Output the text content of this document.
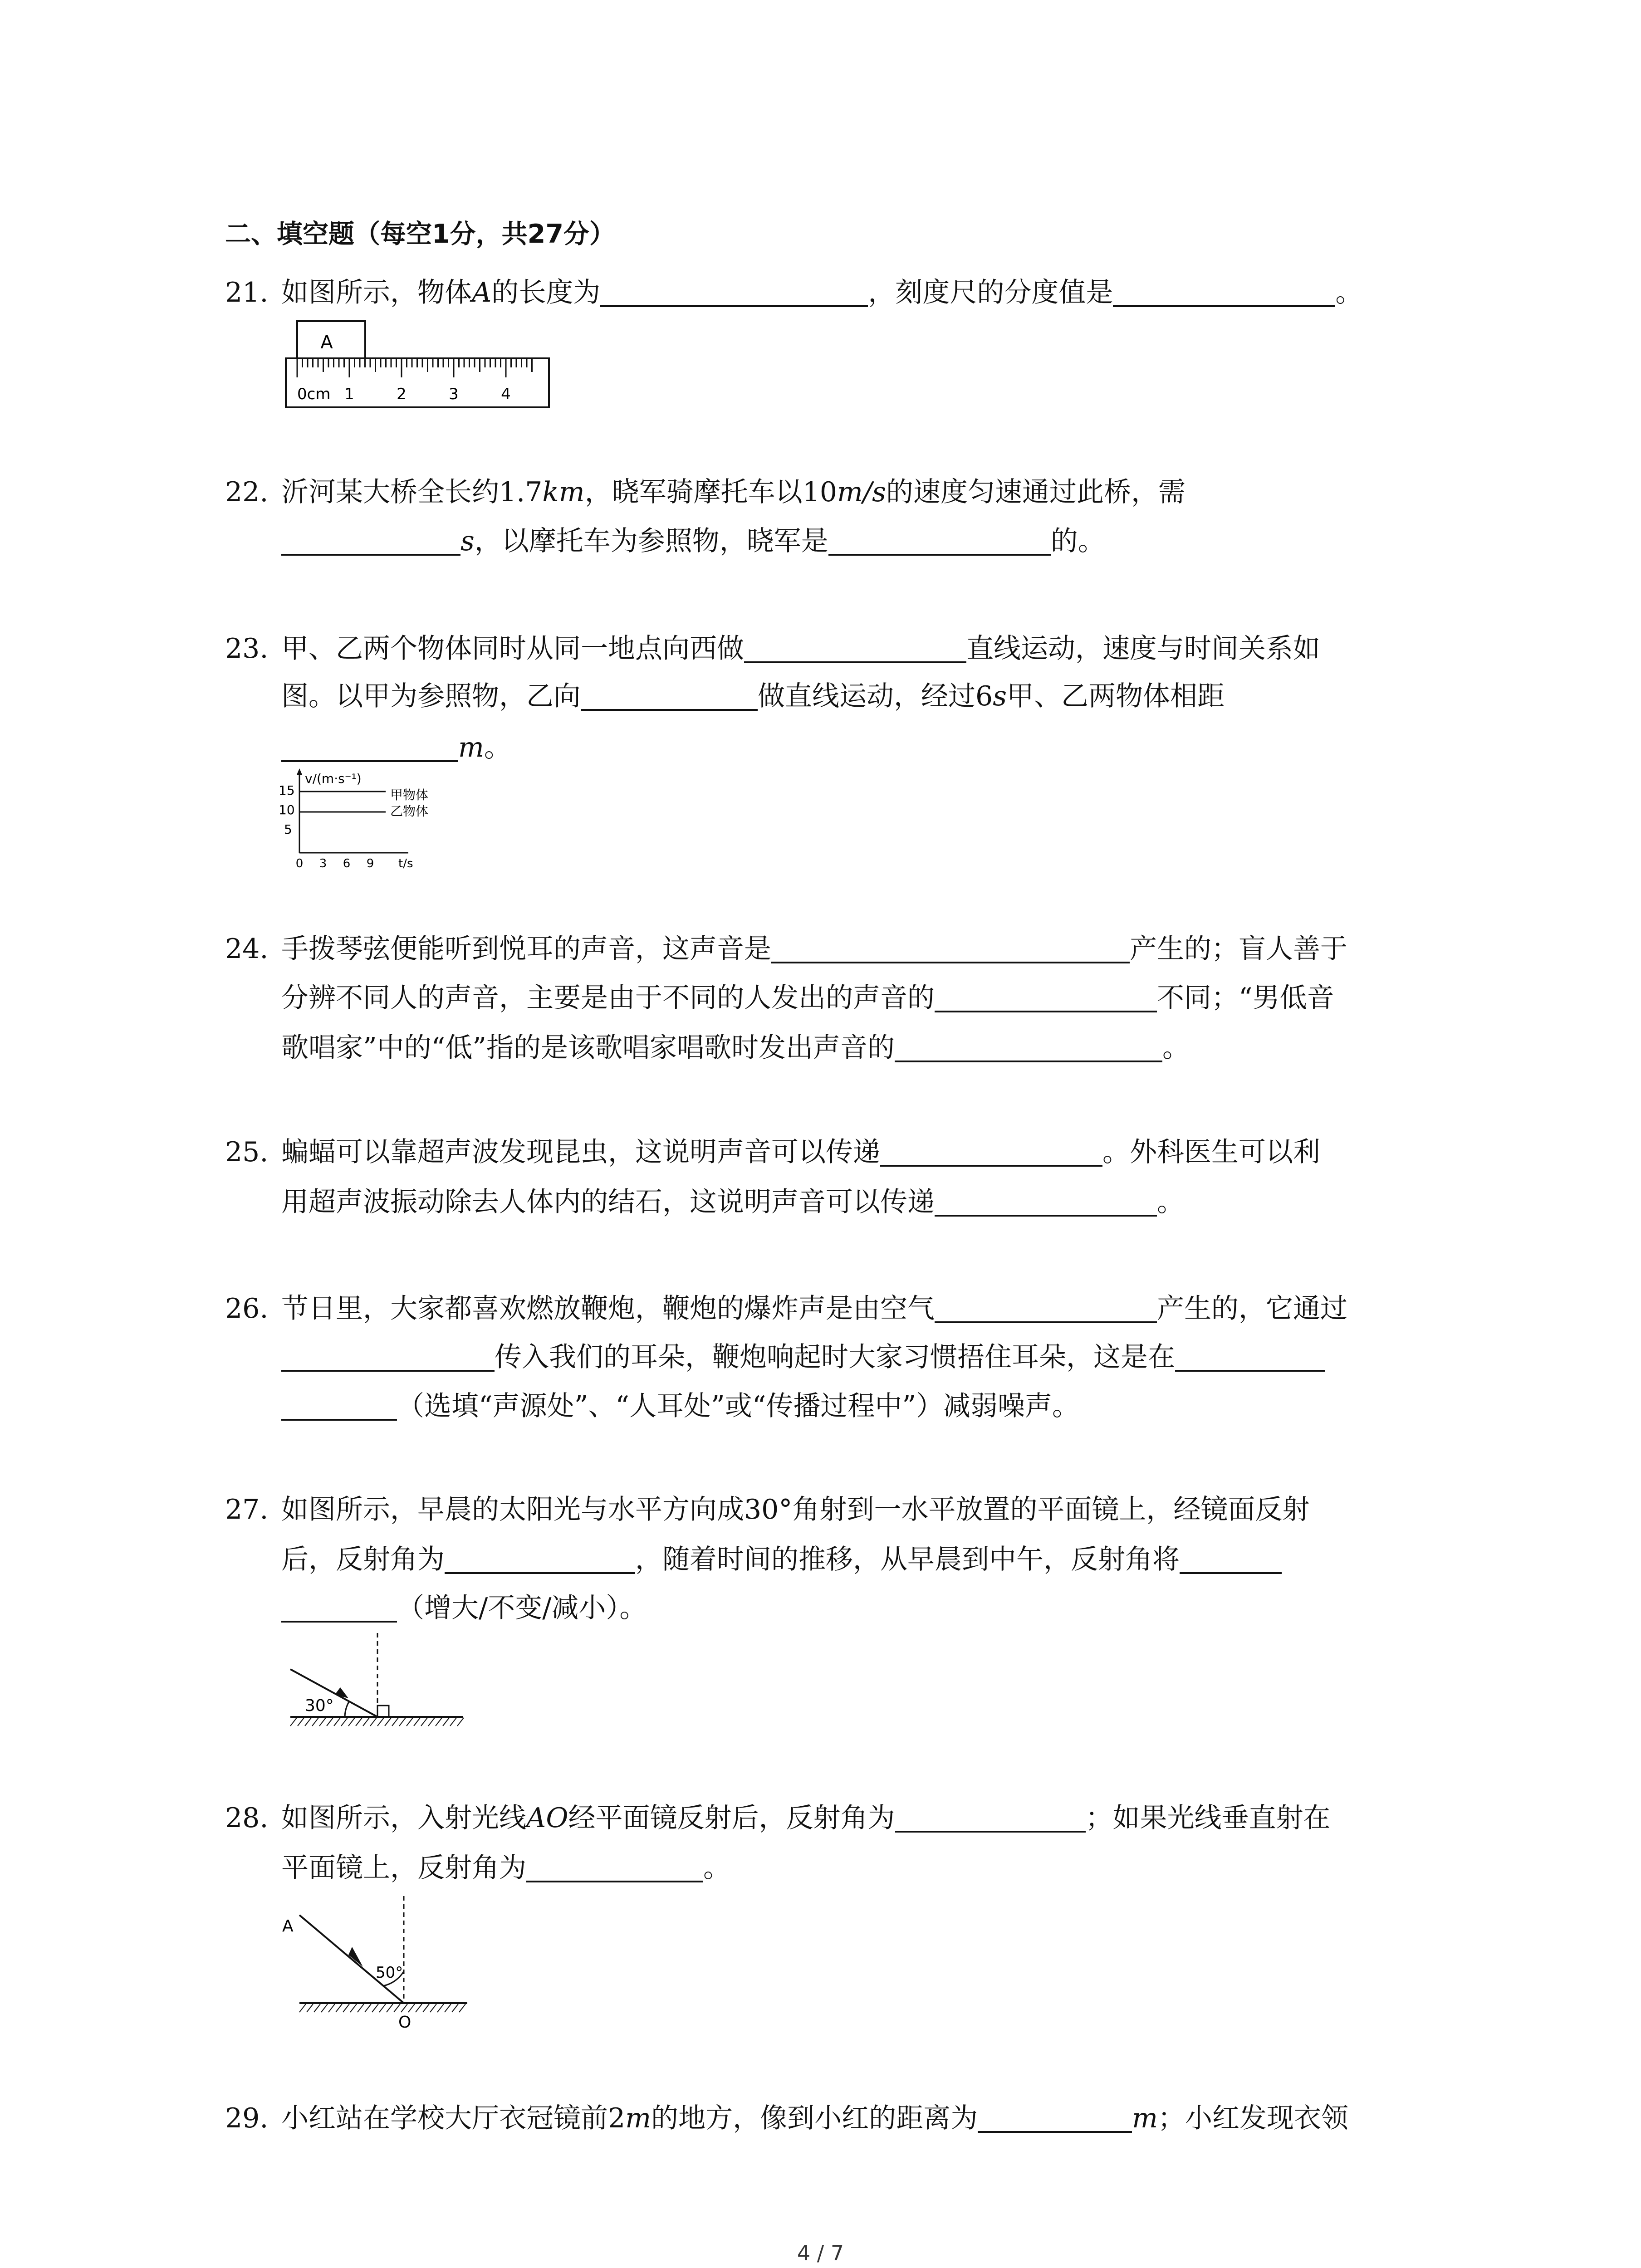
二、填空题（每空1分，共27分）
21. 如图所示，物体A的长度为	，刻度尺的分度值是	。
A
0cm 1	2	3	4
22. 沂河某大桥全长约1.7km，晓军骑摩托车以10m/s的速度匀速通过此桥，需
s，以摩托车为参照物，晓军是	的。
23. 甲、乙两个物体同时从同一地点向西做	直线运动，速度与时间关系如
图。以甲为参照物，乙向	做直线运动，经过6s甲、乙两物体相距
m。
v/(m·s⁻¹)
t/s
15
10
5
0 3 6 9
甲物体
乙物体
24. 手拨琴弦便能听到悦耳的声音，这声音是	产生的；盲人善于
分辨不同人的声音，主要是由于不同的人发出的声音的	不同；“男低音
歌唱家”中的“低”指的是该歌唱家唱歌时发出声音的	。
25. 蝙蝠可以靠超声波发现昆虫，这说明声音可以传递	。外科医生可以利
用超声波振动除去人体内的结石，这说明声音可以传递	。
26. 节日里，大家都喜欢燃放鞭炮，鞭炮的爆炸声是由空气	产生的，它通过
传入我们的耳朵，鞭炮响起时大家习惯捂住耳朵，这是在
（选填“声源处”、“人耳处”或“传播过程中”）减弱噪声。
27. 如图所示，早晨的太阳光与水平方向成30°角射到一水平放置的平面镜上，经镜面反射
后，反射角为	，随着时间的推移，从早晨到中午，反射角将
（增大/不变/减小）。
30°
28. 如图所示，入射光线AO经平面镜反射后，反射角为	；如果光线垂直射在
平面镜上，反射角为	。
A
50°
O
29. 小红站在学校大厅衣冠镜前2m的地方，像到小红的距离为	m；小红发现衣领
4 / 7
